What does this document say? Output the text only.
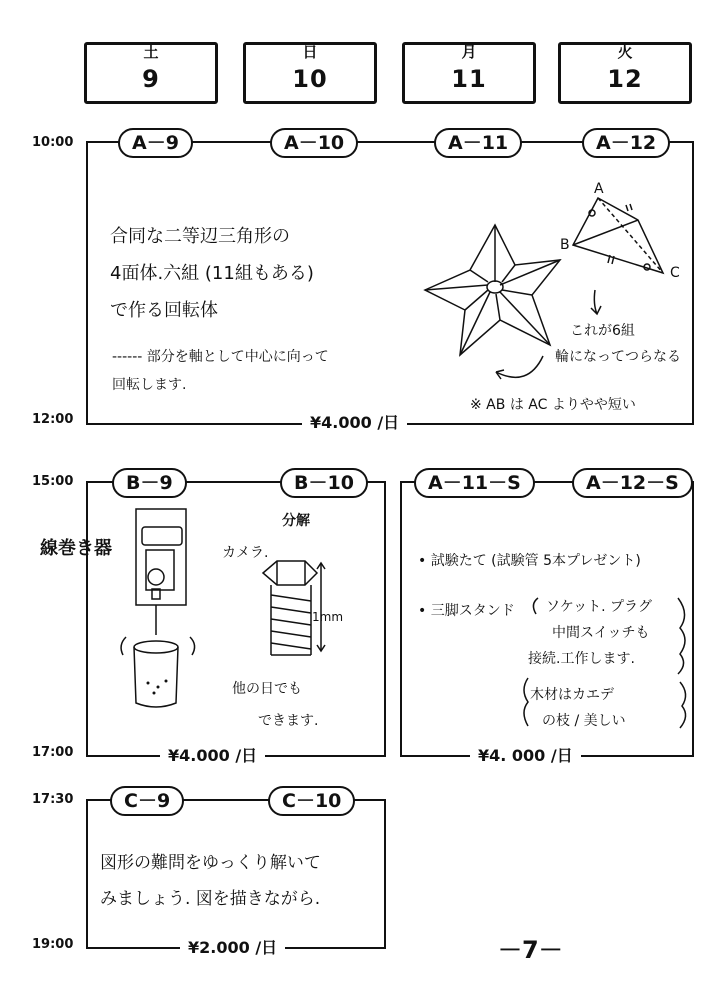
土
9
日
10
月
11
火
12
10:00	A－9	A－10	A－11	A－12
合同な二等辺三角形の
4面体.六組 (11組もある)
で作る回転体
------ 部分を軸として中心に向って
回転します.
A
B
C
これが6組
輪になってつらなる
※ AB は AC よりやや短い
¥4.000 /日
12:00
15:00	B－9	B－10
線巻き器	カメラ.
分解
1mm
他の日でも
できます.
¥4.000 /日
17:00
A－11－S	A－12－S
• 試験たて (試験管 5本プレゼント)
• 三脚スタンド ソケット. プラグ
中間スイッチも
接続.工作します.
木材はカエデ
の枝 / 美しい
¥4. 000 /日
17:30	C－9	C－10
図形の難問をゆっくり解いて
みましょう. 図を描きながら.
¥2.000 /日
19:00	－7－
